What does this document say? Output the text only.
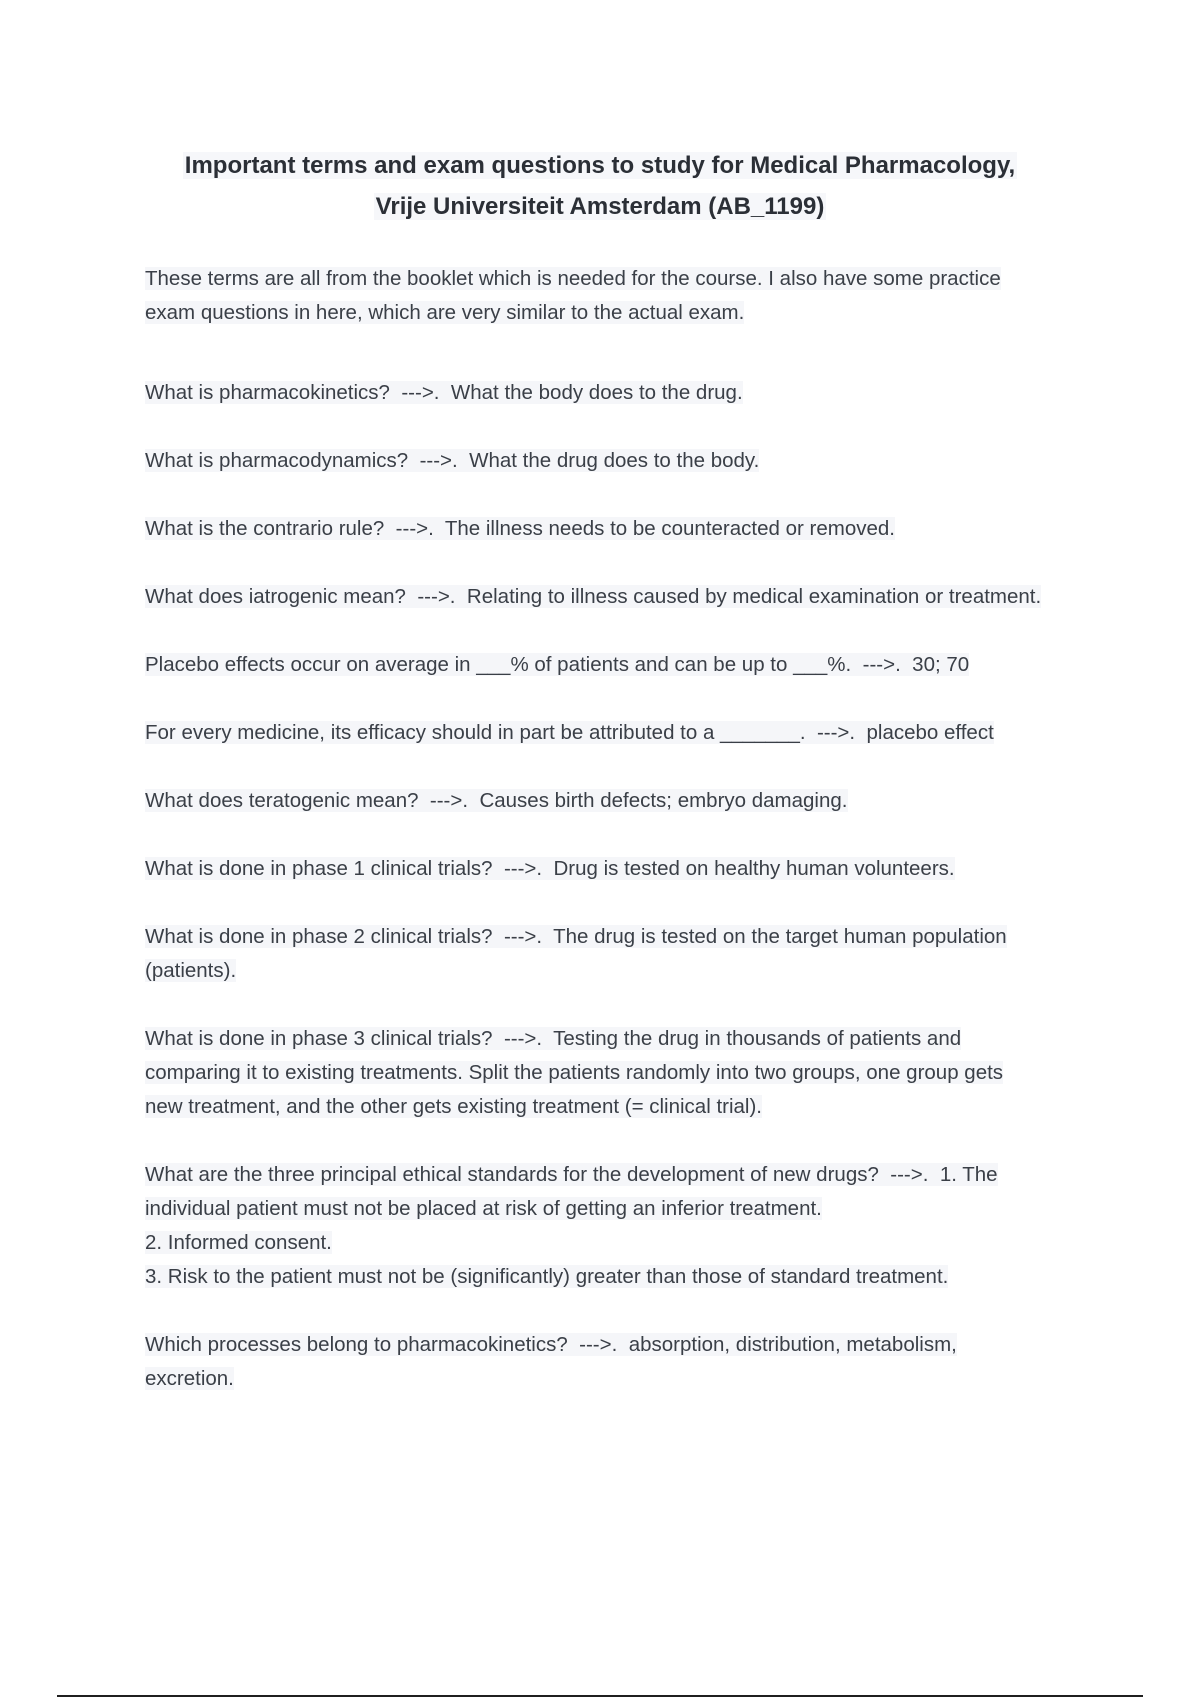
Important terms and exam questions to study for Medical Pharmacology,
Vrije Universiteit Amsterdam (AB_1199)

These terms are all from the booklet which is needed for the course. I also have some practice exam questions in here, which are very similar to the actual exam.

What is pharmacokinetics?  --->.  What the body does to the drug.

What is pharmacodynamics?  --->.  What the drug does to the body.

What is the contrario rule?  --->.  The illness needs to be counteracted or removed.

What does iatrogenic mean?  --->.  Relating to illness caused by medical examination or treatment.

Placebo effects occur on average in ___% of patients and can be up to ___%.  --->.  30; 70

For every medicine, its efficacy should in part be attributed to a _______.  --->.  placebo effect

What does teratogenic mean?  --->.  Causes birth defects; embryo damaging.

What is done in phase 1 clinical trials?  --->.  Drug is tested on healthy human volunteers.

What is done in phase 2 clinical trials?  --->.  The drug is tested on the target human population (patients).

What is done in phase 3 clinical trials?  --->.  Testing the drug in thousands of patients and comparing it to existing treatments. Split the patients randomly into two groups, one group gets new treatment, and the other gets existing treatment (= clinical trial).

What are the three principal ethical standards for the development of new drugs?  --->.  1. The individual patient must not be placed at risk of getting an inferior treatment.
2. Informed consent.
3. Risk to the patient must not be (significantly) greater than those of standard treatment.

Which processes belong to pharmacokinetics?  --->.  absorption, distribution, metabolism, excretion.
